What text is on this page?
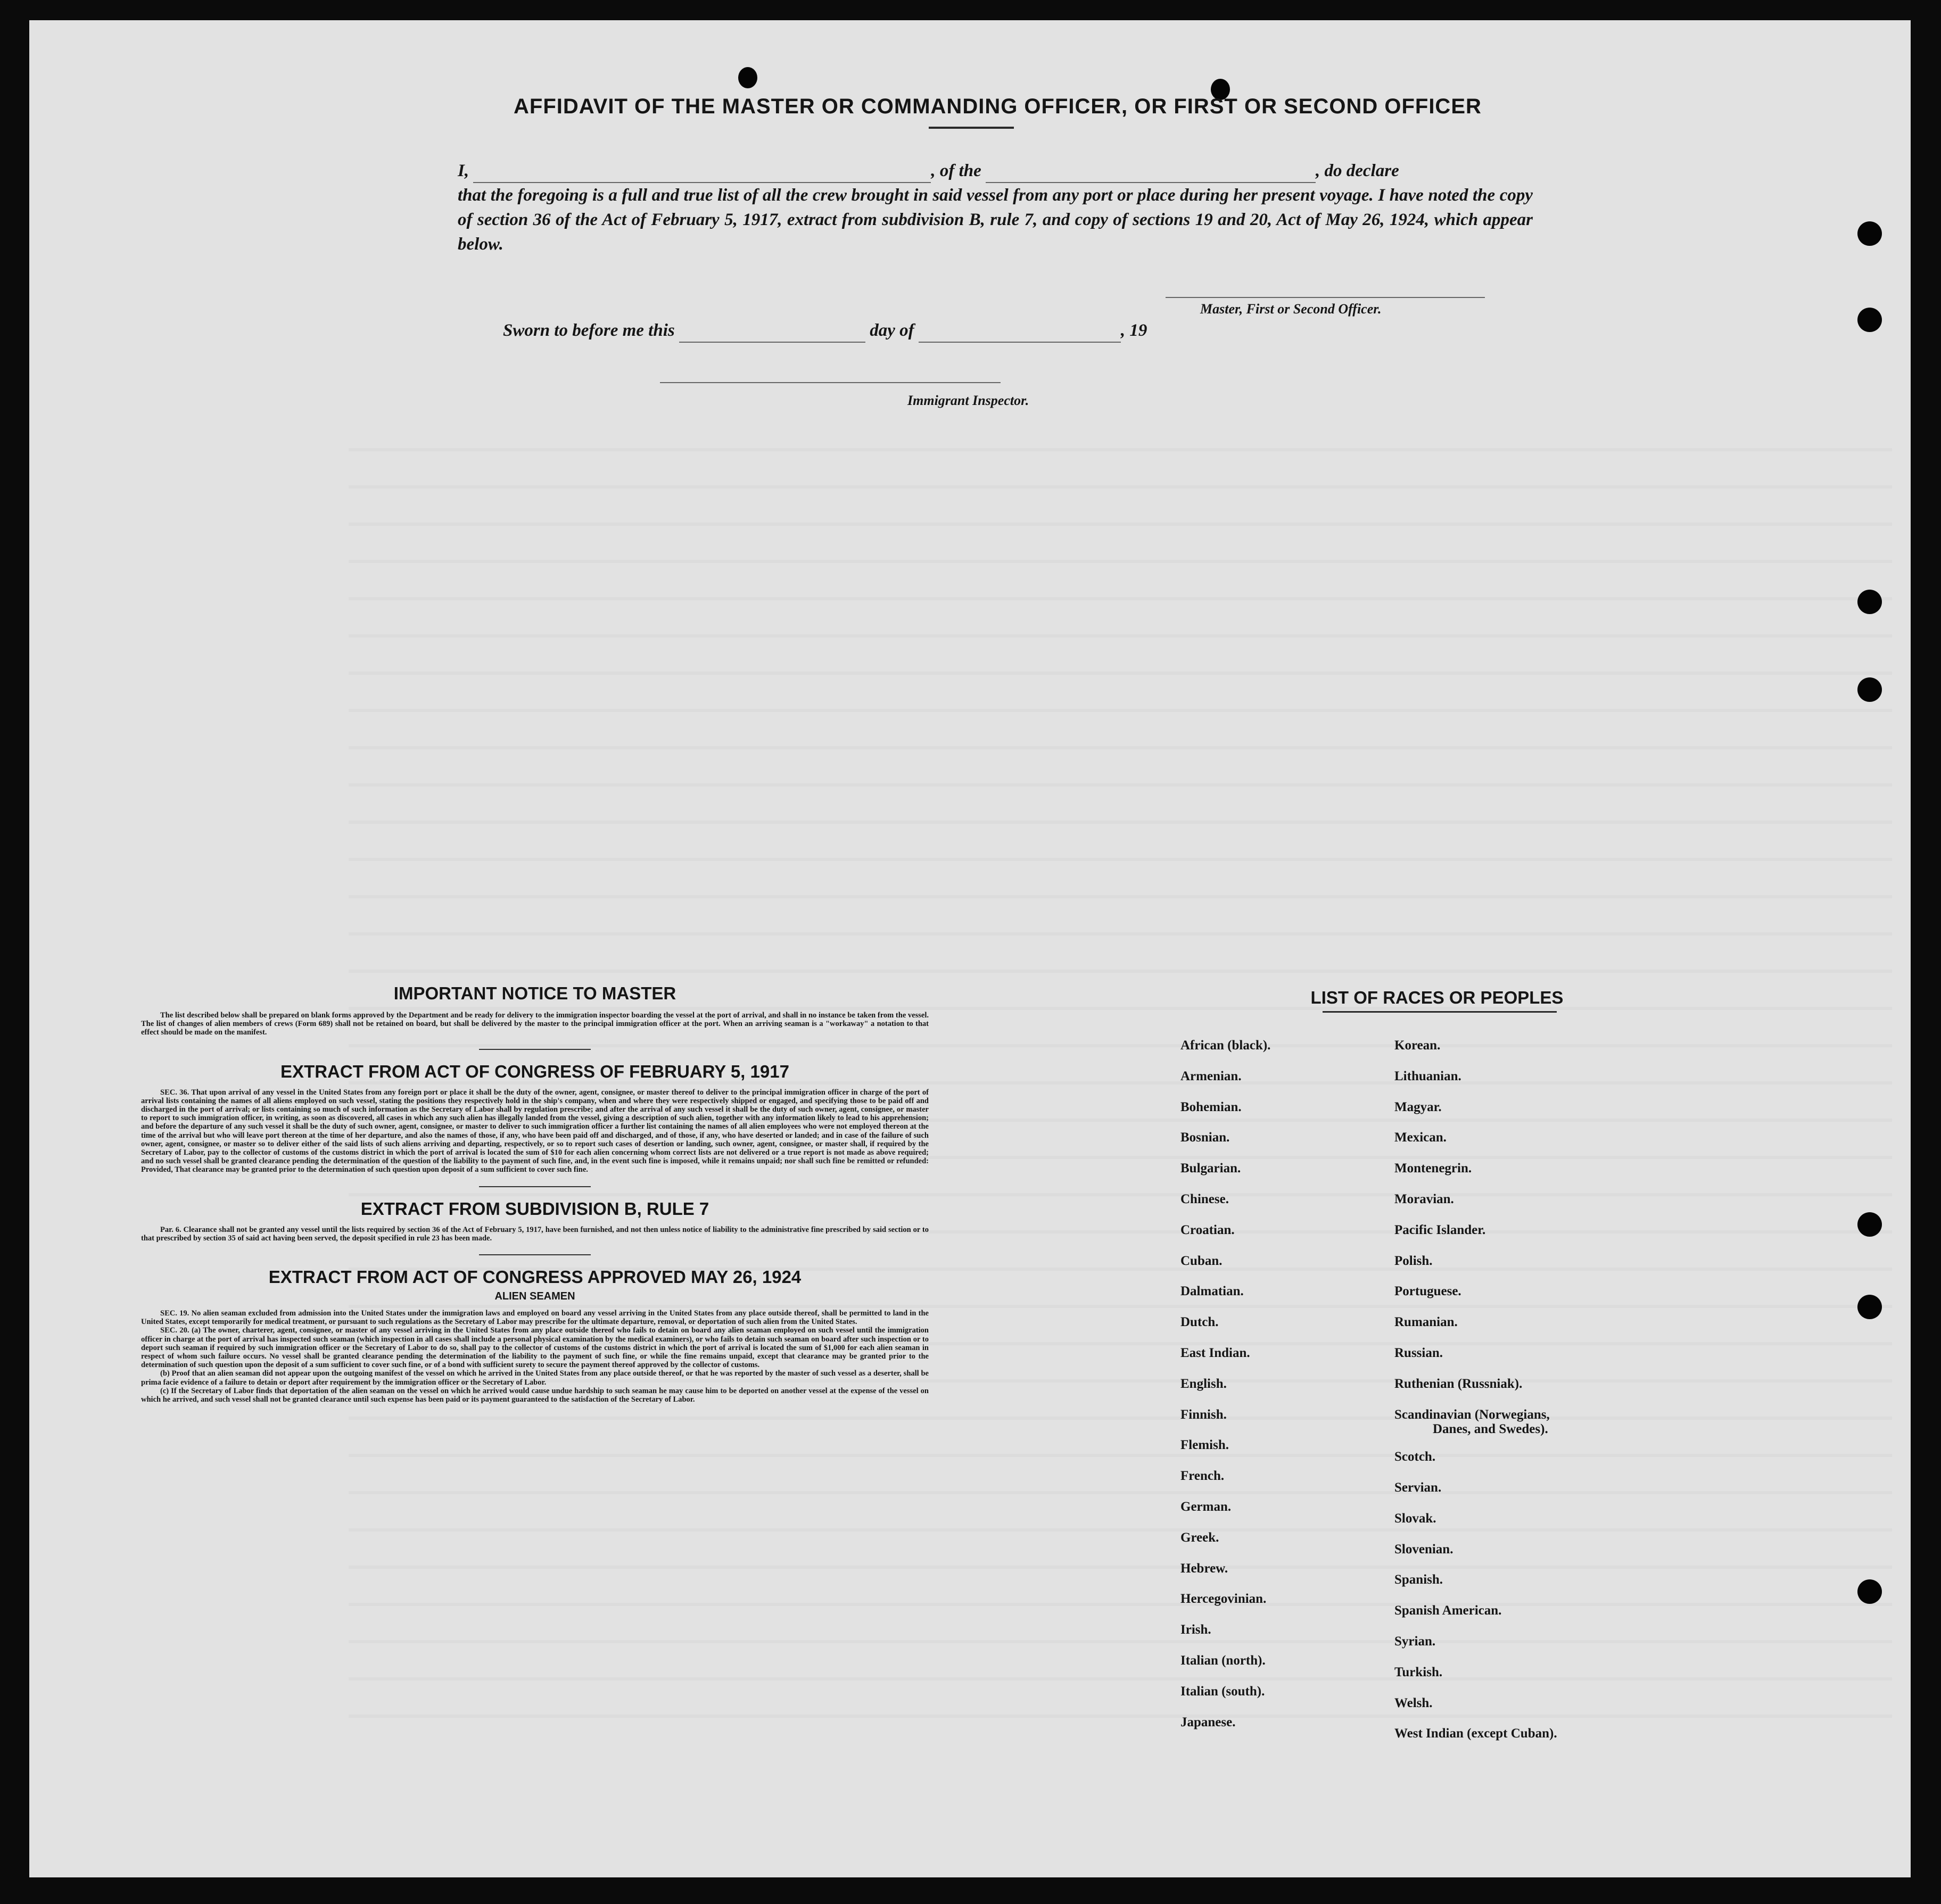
AFFIDAVIT OF THE MASTER OR COMMANDING OFFICER, OR FIRST OR SECOND OFFICER
I,	, of the	, do declare
that the foregoing is a full and true list of all the crew brought in said vessel from any port or place during her present voyage. I have noted the copy of section 36 of the Act of February 5, 1917, extract from subdivision B, rule 7, and copy of sections 19 and 20, Act of May 26, 1924, which appear below.
Master, First or Second Officer.
Sworn to before me this	day of	, 19
Immigrant Inspector.
IMPORTANT NOTICE TO MASTER

The list described below shall be prepared on blank forms approved by the Department and be ready for delivery to the immigration inspector boarding the vessel at the port of arrival, and shall in no instance be taken from the vessel. The list of changes of alien members of crews (Form 689) shall not be retained on board, but shall be delivered by the master to the principal immigration officer at the port. When an arriving seaman is a "workaway" a notation to that effect should be made on the manifest.

EXTRACT FROM ACT OF CONGRESS OF FEBRUARY 5, 1917

SEC. 36. That upon arrival of any vessel in the United States from any foreign port or place it shall be the duty of the owner, agent, consignee, or master thereof to deliver to the principal immigration officer in charge of the port of arrival lists containing the names of all aliens employed on such vessel, stating the positions they respectively hold in the ship's company, when and where they were respectively shipped or engaged, and specifying those to be paid off and discharged in the port of arrival; or lists containing so much of such information as the Secretary of Labor shall by regulation prescribe; and after the arrival of any such vessel it shall be the duty of such owner, agent, consignee, or master to report to such immigration officer, in writing, as soon as discovered, all cases in which any such alien has illegally landed from the vessel, giving a description of such alien, together with any information likely to lead to his apprehension; and before the departure of any such vessel it shall be the duty of such owner, agent, consignee, or master to deliver to such immigration officer a further list containing the names of all alien employees who were not employed thereon at the time of the arrival but who will leave port thereon at the time of her departure, and also the names of those, if any, who have been paid off and discharged, and of those, if any, who have deserted or landed; and in case of the failure of such owner, agent, consignee, or master so to deliver either of the said lists of such aliens arriving and departing, respectively, or so to report such cases of desertion or landing, such owner, agent, consignee, or master shall, if required by the Secretary of Labor, pay to the collector of customs of the customs district in which the port of arrival is located the sum of $10 for each alien concerning whom correct lists are not delivered or a true report is not made as above required; and no such vessel shall be granted clearance pending the determination of the question of the liability to the payment of such fine, and, in the event such fine is imposed, while it remains unpaid; nor shall such fine be remitted or refunded: Provided, That clearance may be granted prior to the determination of such question upon deposit of a sum sufficient to cover such fine.

EXTRACT FROM SUBDIVISION B, RULE 7

Par. 6. Clearance shall not be granted any vessel until the lists required by section 36 of the Act of February 5, 1917, have been furnished, and not then unless notice of liability to the administrative fine prescribed by said section or to that prescribed by section 35 of said act having been served, the deposit specified in rule 23 has been made.

EXTRACT FROM ACT OF CONGRESS APPROVED MAY 26, 1924
ALIEN SEAMEN

SEC. 19. No alien seaman excluded from admission into the United States under the immigration laws and employed on board any vessel arriving in the United States from any place outside thereof, shall be permitted to land in the United States, except temporarily for medical treatment, or pursuant to such regulations as the Secretary of Labor may prescribe for the ultimate departure, removal, or deportation of such alien from the United States.

SEC. 20. (a) The owner, charterer, agent, consignee, or master of any vessel arriving in the United States from any place outside thereof who fails to detain on board any alien seaman employed on such vessel until the immigration officer in charge at the port of arrival has inspected such seaman (which inspection in all cases shall include a personal physical examination by the medical examiners), or who fails to detain such seaman on board after such inspection or to deport such seaman if required by such immigration officer or the Secretary of Labor to do so, shall pay to the collector of customs of the customs district in which the port of arrival is located the sum of $1,000 for each alien seaman in respect of whom such failure occurs. No vessel shall be granted clearance pending the determination of the liability to the payment of such fine, or while the fine remains unpaid, except that clearance may be granted prior to the determination of such question upon the deposit of a sum sufficient to cover such fine, or of a bond with sufficient surety to secure the payment thereof approved by the collector of customs.

(b) Proof that an alien seaman did not appear upon the outgoing manifest of the vessel on which he arrived in the United States from any place outside thereof, or that he was reported by the master of such vessel as a deserter, shall be prima facie evidence of a failure to detain or deport after requirement by the immigration officer or the Secretary of Labor.

(c) If the Secretary of Labor finds that deportation of the alien seaman on the vessel on which he arrived would cause undue hardship to such seaman he may cause him to be deported on another vessel at the expense of the vessel on which he arrived, and such vessel shall not be granted clearance until such expense has been paid or its payment guaranteed to the satisfaction of the Secretary of Labor.

LIST OF RACES OR PEOPLES
African (black).
Armenian.
Bohemian.
Bosnian.
Bulgarian.
Chinese.
Croatian.
Cuban.
Dalmatian.
Dutch.
East Indian.
English.
Finnish.
Flemish.
French.
German.
Greek.
Hebrew.
Hercegovinian.
Irish.
Italian (north).
Italian (south).
Japanese.
Korean.
Lithuanian.
Magyar.
Mexican.
Montenegrin.
Moravian.
Pacific Islander.
Polish.
Portuguese.
Rumanian.
Russian.
Ruthenian (Russniak).
Scandinavian (Norwegians,
Danes, and Swedes).
Scotch.
Servian.
Slovak.
Slovenian.
Spanish.
Spanish American.
Syrian.
Turkish.
Welsh.
West Indian (except Cuban).
